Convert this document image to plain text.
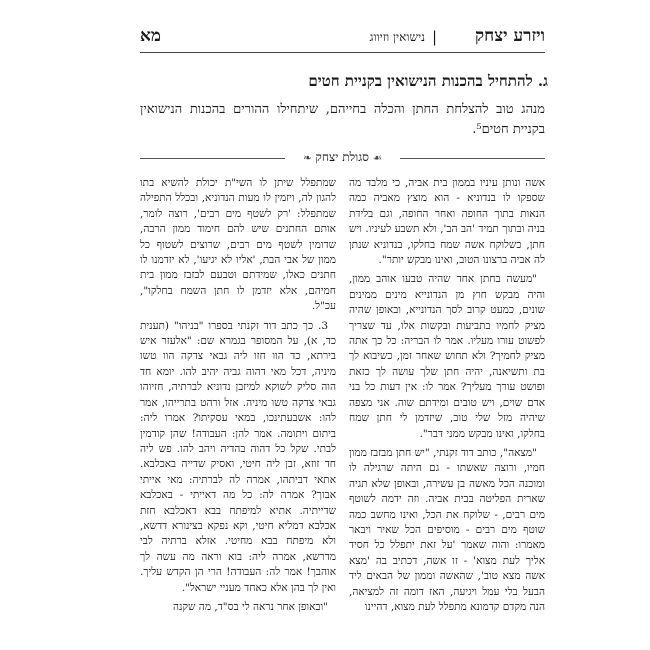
ויזרע יצחק
|
נישואין וזיווג
מא
ג. להתחיל בהכנות הנישואין בקניית חטים
מנהג טוב להצלחת החתן והכלה בחייהם, שיתחילו ההורים בהכנות הנישואין בקניית חטים⁵.
☙ סגולת יצחק ❧

אשה ונותן עיניו בממון בית אביה, כי מלבד מה שספקו לו בנדוניא - הוא מוצץ מאביה כמה הנאות בתוך החופה ואחר החופה, וגם בלידת בניה ובתוך תמיד 'הב הב', ולא תשבע לעיניו. ויש חתן, כשלוקח אשה שמח בחלקו, בנדוניא שנתן לה אביה ברצונו הטוב, ואינו מבקש יותר".

"מעשה בחתן אחד שהיה טבעו אוהב ממון, והיה מבקש חוץ מן הנדונייא מינים ממינים שונים, כמעט קרוב לסך הנדונייא, ובאופן שהיה מציק לחמיו בתביעות ובקשות אלו, עד שצריך לפשוט עורו מעליו. אמר לו הבריה: כל כך אתה מציק לחמיך? ולא תחוש שאחר זמן, כשיבוא לך בת ותשיאנה, יהיה חתן שלך עושה לך כזאת ופושט עורך מעליך? אמר לו: אין דעות כל בני אדם שוים, ויש טובים ומידתם שוה. אני מצפה שיהיה מזל שלי טוב, שיזדמן לי חתן שמח בחלקו, ואינו מבקש ממני דבר".

"מצאה", כותב דוד זקנתי, "יש חתן מבזבז ממון חמיו, ורוצה שאשתו - גם היתה שרגילה לו ומוכנה הכל מאשה בן עשירה, ובאופן שלא תגיה שארית הפליטה בבית אביה. וזה ידמה לשוטף מים רבים, - שלוקח את הכל, ואינו מחשב כמה שוטף מים רבים - מוסיפים הכל שאיר ויבאר מאמרו: והוה שאמר 'על זאת יתפלל כל חסיד אליך לעת מצוא' - זו אשה, דכתיב בה 'מצא אשה מצא טוב', שהאשה וממון של הבאים ליד הבעל בלי עמל ויגיעה, האז דומה זה למציאה, הנה מקדם קדמונא מתפלל לעת מצוא, דהיינו

שמתפלל שיתן לו השי"ת יכולת להשיא בתו להגון לה, ויזמין לו מעות הנדוניא, ובכלל התפילה שמתפלל: 'רק לשטף מים רבים', רוצה לומר, אותם החתנים שיש להם חימוד ממון הרבה, שדומין לשטף מים רבים, שרוצים לשטוף כל ממון של אבי הבת, 'אליו לא יגיעו', לא יזדמנו לו חתנים כאלו, שמידתם וטבעם לבזבז ממון בית חמיהם, אלא יזדמן לו חתן השמח בחלקו", עכ"ל.

3. כך כתב דוד זקנתי בספרו "בניהו" (תענית כד, א), על המסופר בגמרא שם: "אלעזר איש בירתא, כד הוו חזו ליה גבאי צדקה הוו טשו מיניה, דכל מאי דהוה גביה יהיב להו. יומא חד הוה סליק לשוקא למיזבן נדוניא לברתיה, חזיוהו גבאי צדקה טשו מיניה. אזל ורהט בתרייהו, אמר להו: אשבעתינכו, במאי עסקיתו? אמרו ליה: ביתום ויתומה. אמר להן: העבודה! שהן קודמין לבתי. שקל כל דהוה בהדיה ויהב להו. פש ליה חד זוזא, זבן ליה חיטי, ואסיק שדייה באכלבא. אתאי דביתהו, אמרה לה לברתיה: מאי אייתי אבוך? אמרה לה: כל מה דאייתי - באכלבא שדייתיה. אתיא למיפתח בבא דאכלבא חזת אכלבא דמליא חיטי, וקא נפקא בצינורא דדשא, ולא מיפתח בבא מחיטי. אזלא ברתיה לבי מדרשא, אמרה ליה: בוא וראה מה עשה לך אוהבך! אמר לה: העבודה! הרי הן הקדש עליך. ואין לך בהן אלא כאחד מעניי ישראל".

"ובאופן אחר נראה לי בס"ד, מה שקנה
